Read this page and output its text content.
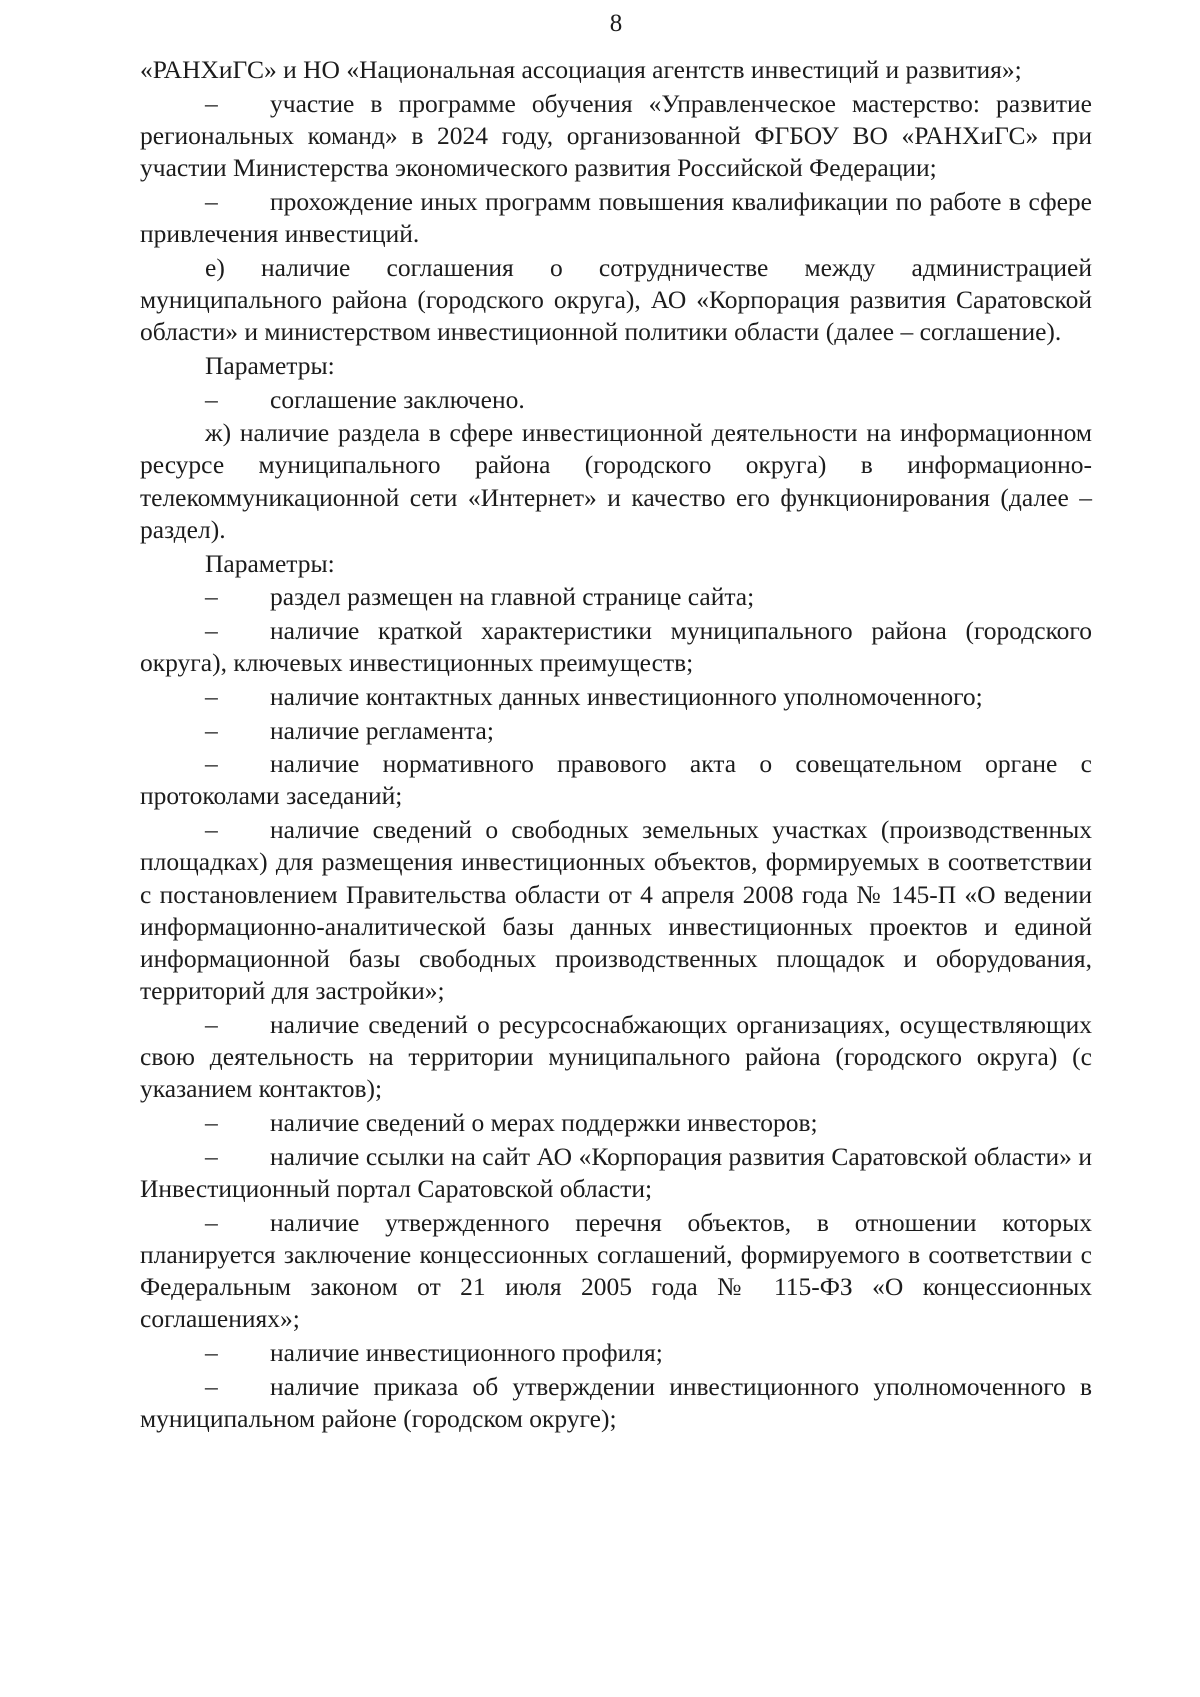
8

«РАНХиГС» и НО «Национальная ассоциация агентств инвестиций и развития»;

– участие в программе обучения «Управленческое мастерство: развитие региональных команд» в 2024 году, организованной ФГБОУ ВО «РАНХиГС» при участии Министерства экономического развития Российской Федерации;

– прохождение иных программ повышения квалификации по работе в сфере привлечения инвестиций.

е) наличие соглашения о сотрудничестве между администрацией муниципального района (городского округа), АО «Корпорация развития Саратовской области» и министерством инвестиционной политики области (далее – соглашение).

Параметры:

– соглашение заключено.

ж) наличие раздела в сфере инвестиционной деятельности на информационном ресурсе муниципального района (городского округа) в информационно-телекоммуникационной сети «Интернет» и качество его функционирования (далее – раздел).

Параметры:

– раздел размещен на главной странице сайта;

– наличие краткой характеристики муниципального района (городского округа), ключевых инвестиционных преимуществ;

– наличие контактных данных инвестиционного уполномоченного;

– наличие регламента;

– наличие нормативного правового акта о совещательном органе с протоколами заседаний;

– наличие сведений о свободных земельных участках (производственных площадках) для размещения инвестиционных объектов, формируемых в соответствии с постановлением Правительства области от 4 апреля 2008 года № 145-П «О ведении информационно-аналитической базы данных инвестиционных проектов и единой информационной базы свободных производственных площадок и оборудования, территорий для застройки»;

– наличие сведений о ресурсоснабжающих организациях, осуществляющих свою деятельность на территории муниципального района (городского округа) (с указанием контактов);

– наличие сведений о мерах поддержки инвесторов;

– наличие ссылки на сайт АО «Корпорация развития Саратовской области» и Инвестиционный портал Саратовской области;

– наличие утвержденного перечня объектов, в отношении которых планируется заключение концессионных соглашений, формируемого в соответствии с Федеральным законом от 21 июля 2005 года № 115-ФЗ «О концессионных соглашениях»;

– наличие инвестиционного профиля;

– наличие приказа об утверждении инвестиционного уполномоченного в муниципальном районе (городском округе);
